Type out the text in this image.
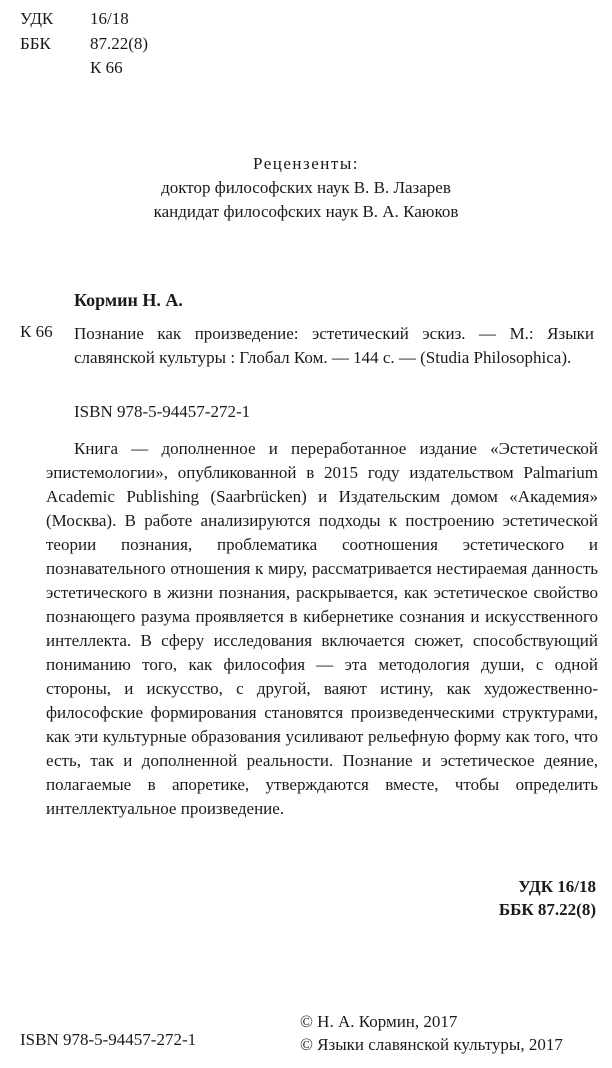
УДК 16/18
ББК 87.22(8)
К 66
Рецензенты:
доктор философских наук В. В. Лазарев
кандидат философских наук В. А. Каюков
Кормин Н. А.
К 66 Познание как произведение: эстетический эскиз. — М.: Языки славянской культуры : Глобал Ком. — 144 с. — (Studia Philosophica).
ISBN 978-5-94457-272-1

Книга — дополненное и переработанное издание «Эстетической эпистемологии», опубликованной в 2015 году издательством Palmarium Academic Publishing (Saarbrücken) и Издательским домом «Академия» (Москва). В работе анализируются подходы к построению эстетической теории познания, проблематика соотношения эстетического и познавательного отношения к миру, рассматривается нестираемая данность эстетического в жизни познания, раскрывается, как эстетическое свойство познающего разума проявляется в кибернетике сознания и искусственного интеллекта. В сферу исследования включается сюжет, способствующий пониманию того, как философия — эта методология души, с одной стороны, и искусство, с другой, ваяют истину, как художественно-философские формирования становятся произведенческими структурами, как эти культурные образования усиливают рельефную форму как того, что есть, так и дополненной реальности. Познание и эстетическое деяние, полагаемые в апоретике, утверждаются вместе, чтобы определить интеллектуальное произведение.

УДК 16/18
ББК 87.22(8)
ISBN 978-5-94457-272-1
© Н. А. Кормин, 2017
© Языки славянской культуры, 2017
